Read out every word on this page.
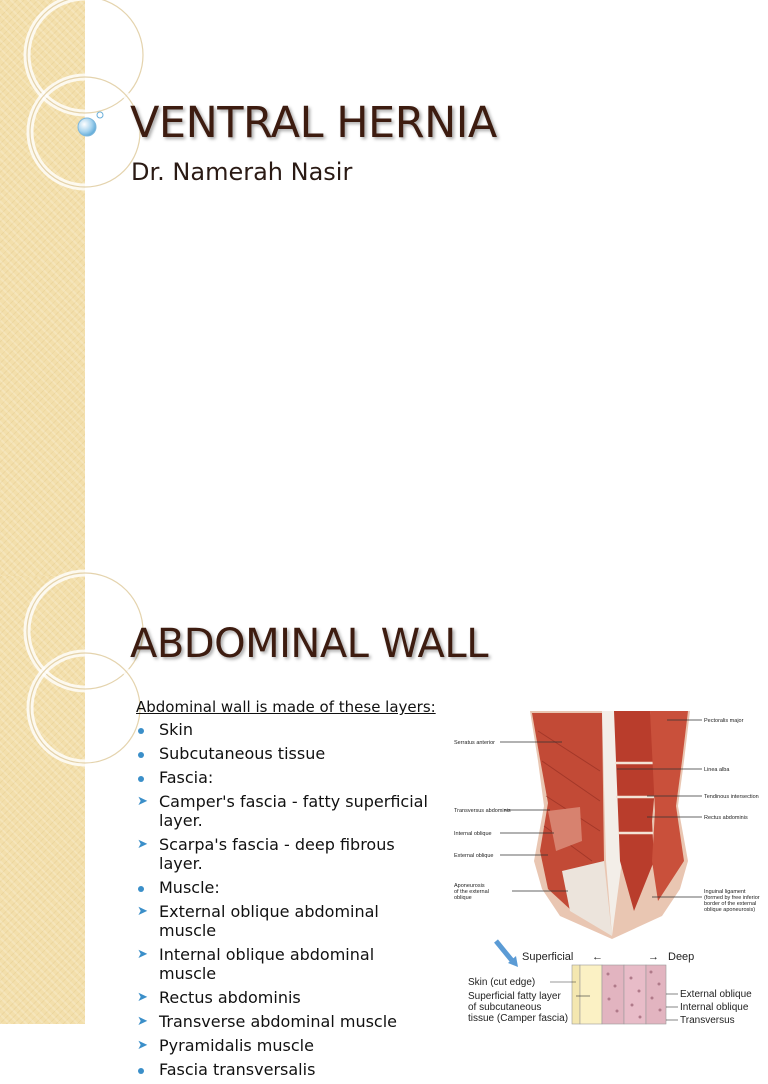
VENTRAL HERNIA

Dr. Namerah Nasir

ABDOMINAL WALL

Abdominal wall is made of these layers:

Skin
Subcutaneous tissue
Fascia:
➤ Camper's fascia - fatty superficial layer.
➤ Scarpa's fascia - deep fibrous layer.
Muscle:
➤ External oblique abdominal muscle
➤ Internal oblique abdominal muscle
➤ Rectus abdominis
➤ Transverse abdominal muscle
➤ Pyramidalis muscle
Fascia transversalis
Pectoralis major
Serratus anterior
Linea alba
Tendinous intersection
Transversus abdominis
Rectus abdominis
Internal oblique
External oblique
Aponeurosis
of the external
oblique
Inguinal ligament
(formed by free inferior
border of the external
oblique aponeurosis)
Superficial ←	→ Deep
Skin (cut edge)
Superficial fatty layer
of subcutaneous
tissue (Camper fascia)
External oblique
Internal oblique
Transversus
